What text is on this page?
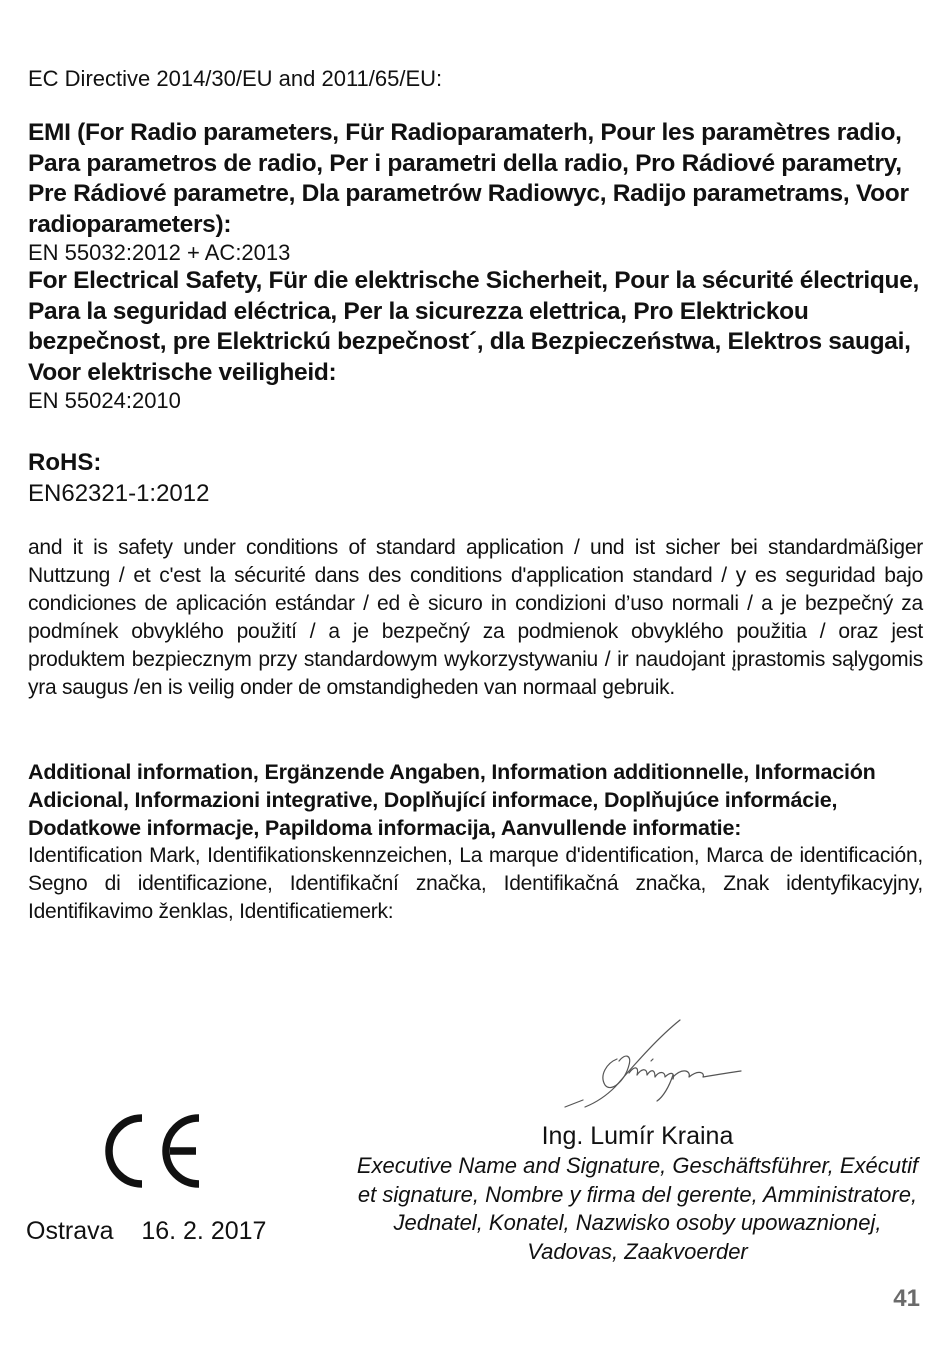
EC Directive 2014/30/EU and 2011/65/EU:
EMI (For Radio parameters, Für Radioparamaterh, Pour les paramètres radio, Para parametros de radio, Per i parametri della radio, Pro Rádiové parametry, Pre Rádiové parametre, Dla parametrów Radiowyc, Radijo parametrams, Voor radioparameters):
EN 55032:2012 + AC:2013
For Electrical Safety, Für die elektrische Sicherheit, Pour la sécurité électrique, Para la seguridad eléctrica, Per la sicurezza elettrica, Pro Elektrickou bezpečnost, pre Elektrickú bezpečnost´, dla Bezpieczeństwa, Elektros saugai, Voor elektrische veiligheid:
EN 55024:2010
RoHS:
EN62321-1:2012
and it is safety under conditions of standard application / und ist sicher bei standardmäßiger Nuttzung / et c'est la sécurité dans des conditions d'application standard / y es seguridad bajo condiciones de aplicación estándar / ed è sicuro in condizioni d’uso normali / a je bezpečný za podmínek obvyklého použití / a je bezpečný za podmienok obvyklého použitia / oraz jest produktem bezpiecznym przy standardowym wykorzystywaniu / ir naudojant įprastomis sąlygomis yra saugus /en is veilig onder de omstandigheden van normaal gebruik.
Additional information, Ergänzende Angaben, Information additionnelle, Información Adicional, Informazioni integrative, Doplňující informace, Doplňujúce informácie, Dodatkowe informacje, Papildoma informacija, Aanvullende informatie:
Identification Mark, Identifikationskennzeichen, La marque d'identification, Marca de identificación, Segno di identificazione, Identifikační značka, Identifikačná značka, Znak identyfikacyjny, Identifikavimo ženklas, Identificatiemerk:
Ostrava 16. 2. 2017
Ing. Lumír Kraina
Executive Name and Signature, Geschäftsführer, Exécutif et signature, Nombre y firma del gerente, Amministratore, Jednatel, Konatel, Nazwisko osoby upowaznionej, Vadovas, Zaakvoerder
41
